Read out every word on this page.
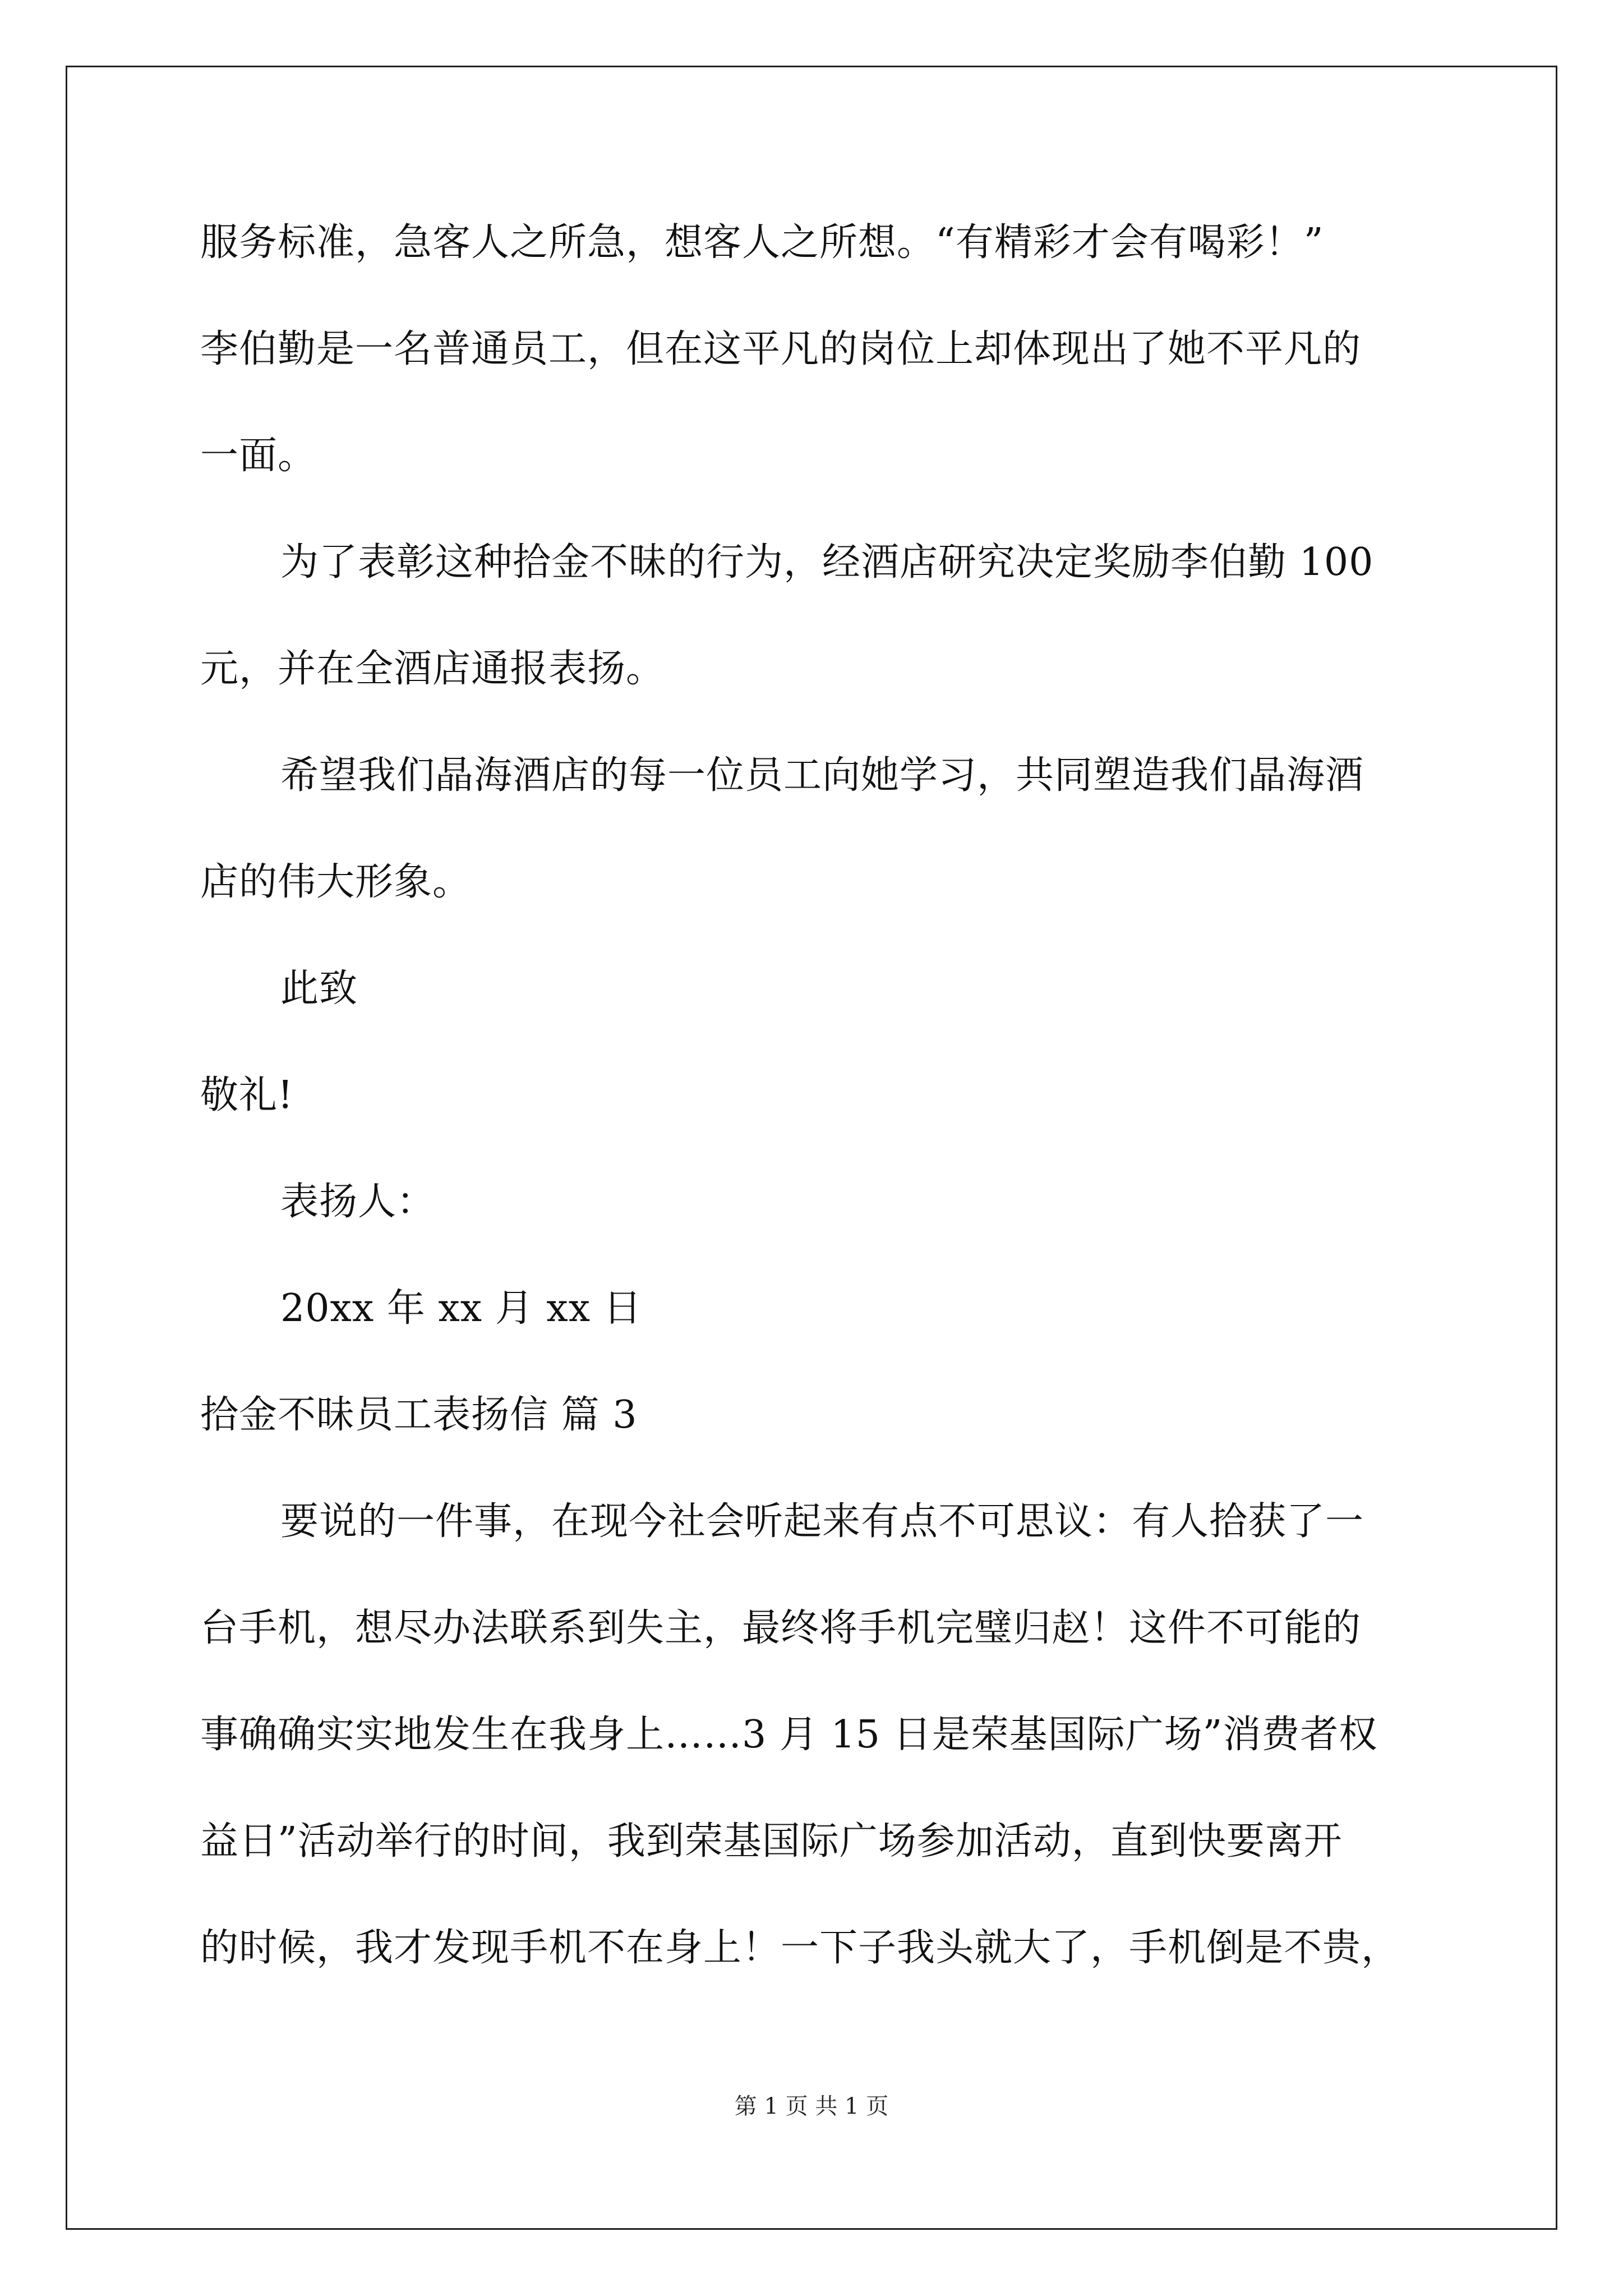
服务标准，急客人之所急，想客人之所想。“有精彩才会有喝彩！”
李伯勤是一名普通员工，但在这平凡的岗位上却体现出了她不平凡的
一面。
为了表彰这种拾金不昧的行为，经酒店研究决定奖励李伯勤 100
元，并在全酒店通报表扬。
希望我们晶海酒店的每一位员工向她学习，共同塑造我们晶海酒
店的伟大形象。
此致
敬礼!
表扬人：
20xx 年 xx 月 xx 日
拾金不昧员工表扬信 篇 3
要说的一件事，在现今社会听起来有点不可思议：有人拾获了一
台手机，想尽办法联系到失主，最终将手机完璧归赵！这件不可能的
事确确实实地发生在我身上……3 月 15 日是荣基国际广场”消费者权
益日”活动举行的时间，我到荣基国际广场参加活动，直到快要离开
的时候，我才发现手机不在身上！一下子我头就大了，手机倒是不贵，
第 1 页 共 1 页
